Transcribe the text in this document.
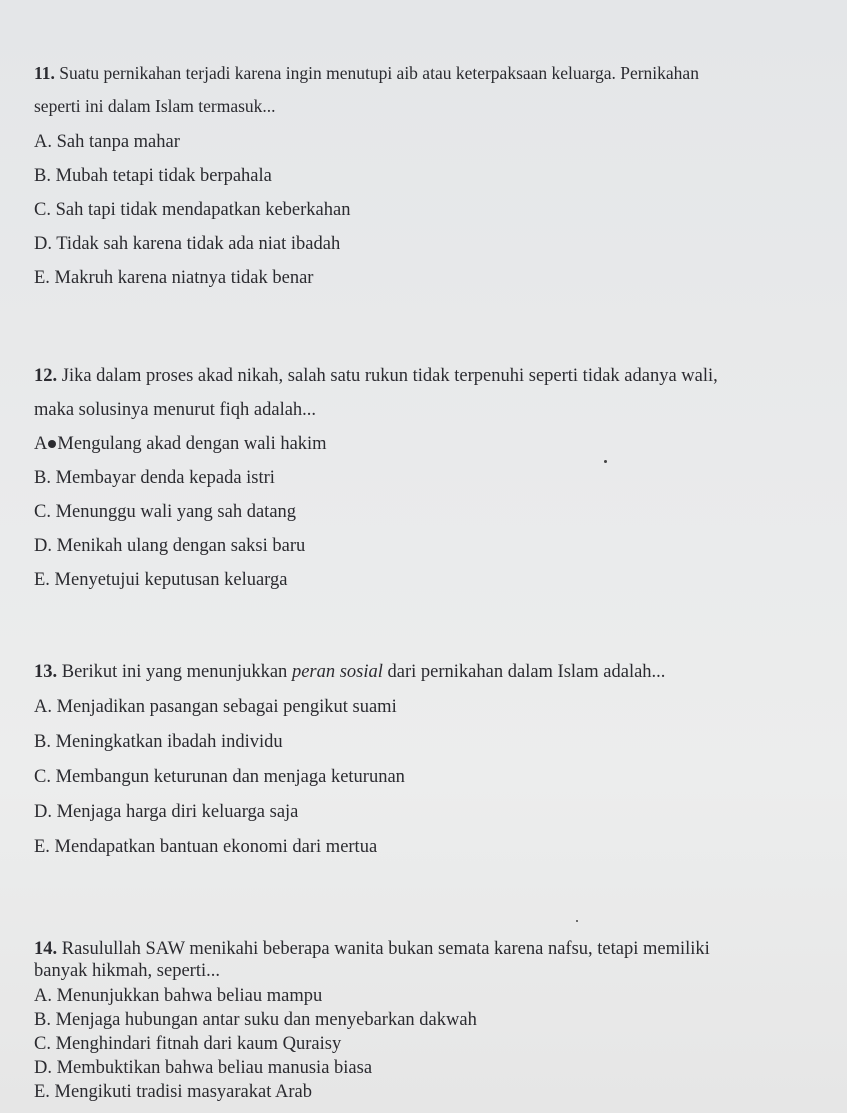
11. Suatu pernikahan terjadi karena ingin menutupi aib atau keterpaksaan keluarga. Pernikahan
seperti ini dalam Islam termasuk...
A. Sah tanpa mahar
B. Mubah tetapi tidak berpahala
C. Sah tapi tidak mendapatkan keberkahan
D. Tidak sah karena tidak ada niat ibadah
E. Makruh karena niatnya tidak benar
12. Jika dalam proses akad nikah, salah satu rukun tidak terpenuhi seperti tidak adanya wali,
maka solusinya menurut fiqh adalah...
A Mengulang akad dengan wali hakim
B. Membayar denda kepada istri
C. Menunggu wali yang sah datang
D. Menikah ulang dengan saksi baru
E. Menyetujui keputusan keluarga
13. Berikut ini yang menunjukkan peran sosial dari pernikahan dalam Islam adalah...
A. Menjadikan pasangan sebagai pengikut suami
B. Meningkatkan ibadah individu
C. Membangun keturunan dan menjaga keturunan
D. Menjaga harga diri keluarga saja
E. Mendapatkan bantuan ekonomi dari mertua
14. Rasulullah SAW menikahi beberapa wanita bukan semata karena nafsu, tetapi memiliki
banyak hikmah, seperti...
A. Menunjukkan bahwa beliau mampu
B. Menjaga hubungan antar suku dan menyebarkan dakwah
C. Menghindari fitnah dari kaum Quraisy
D. Membuktikan bahwa beliau manusia biasa
E. Mengikuti tradisi masyarakat Arab
